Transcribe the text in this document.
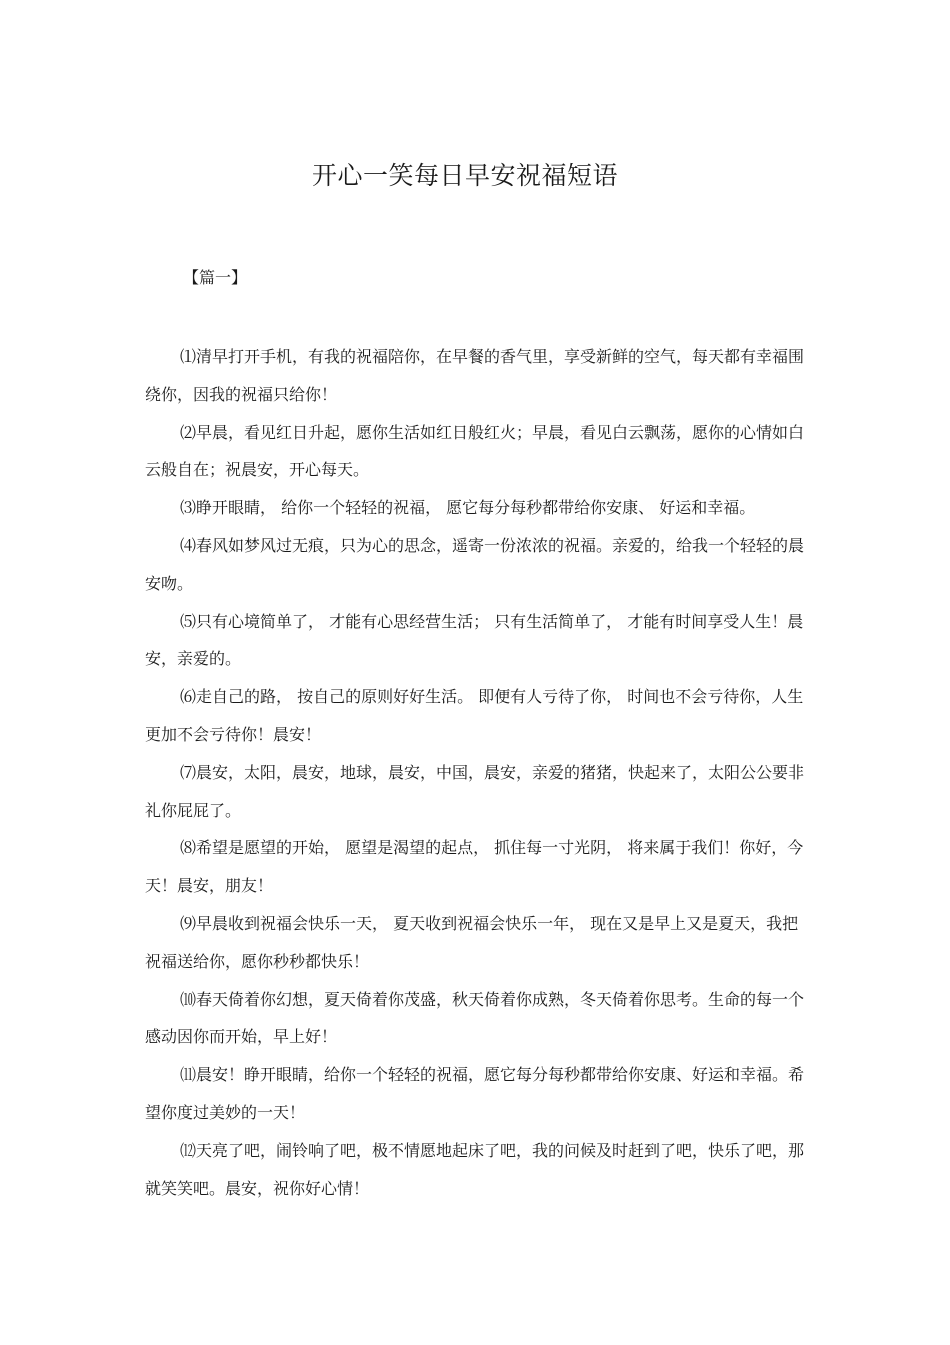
开心一笑每日早安祝福短语
【篇一】

⑴清早打开手机，有我的祝福陪你，在早餐的香气里，享受新鲜的空气，每天都有幸福围绕你，因我的祝福只给你！

⑵早晨，看见红日升起，愿你生活如红日般红火；早晨，看见白云飘荡，愿你的心情如白云般自在；祝晨安，开心每天。

⑶睁开眼睛， 给你一个轻轻的祝福， 愿它每分每秒都带给你安康、 好运和幸福。

⑷春风如梦风过无痕，只为心的思念，遥寄一份浓浓的祝福。亲爱的，给我一个轻轻的晨安吻。

⑸只有心境简单了， 才能有心思经营生活； 只有生活简单了， 才能有时间享受人生！晨安，亲爱的。

⑹走自己的路， 按自己的原则好好生活。 即便有人亏待了你， 时间也不会亏待你，人生更加不会亏待你！晨安！

⑺晨安，太阳，晨安，地球，晨安，中国，晨安，亲爱的猪猪，快起来了，太阳公公要非礼你屁屁了。

⑻希望是愿望的开始， 愿望是渴望的起点， 抓住每一寸光阴， 将来属于我们！你好，今天！晨安，朋友！

⑼早晨收到祝福会快乐一天， 夏天收到祝福会快乐一年， 现在又是早上又是夏天，我把祝福送给你，愿你秒秒都快乐！

⑽春天倚着你幻想，夏天倚着你茂盛，秋天倚着你成熟，冬天倚着你思考。生命的每一个感动因你而开始，早上好！

⑾晨安！睁开眼睛，给你一个轻轻的祝福，愿它每分每秒都带给你安康、好运和幸福。希望你度过美妙的一天！

⑿天亮了吧，闹铃响了吧，极不情愿地起床了吧，我的问候及时赶到了吧，快乐了吧，那就笑笑吧。晨安，祝你好心情！
